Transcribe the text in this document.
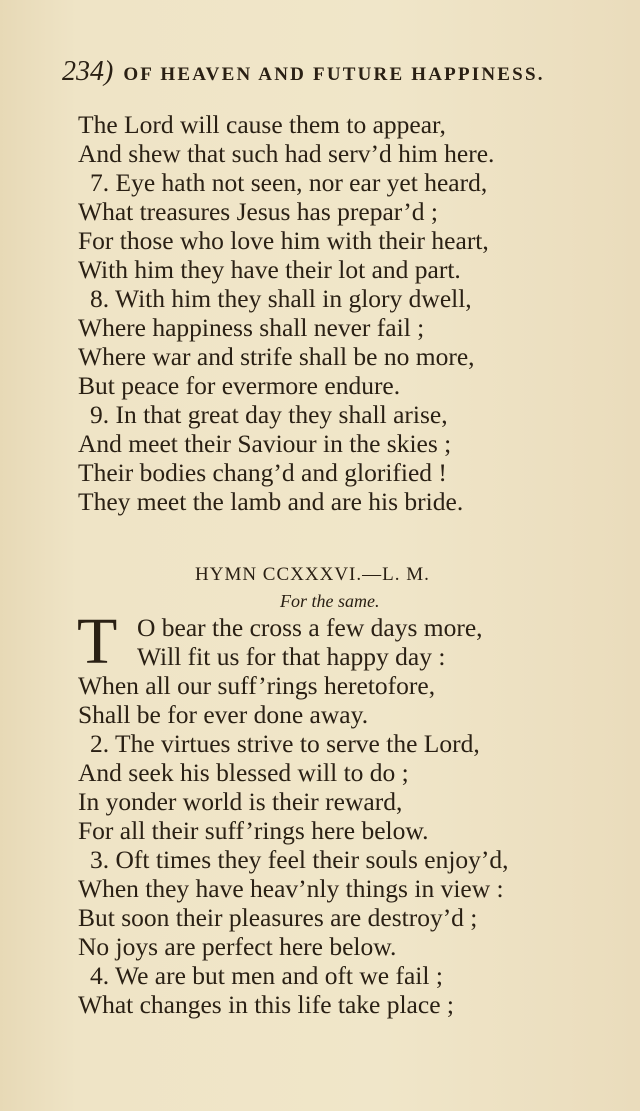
234) OF HEAVEN AND FUTURE HAPPINESS.
The Lord will cause them to appear,
And shew that such had serv’d him here.
7. Eye hath not seen, nor ear yet heard,
What treasures Jesus has prepar’d ;
For those who love him with their heart,
With him they have their lot and part.
8. With him they shall in glory dwell,
Where happiness shall never fail ;
Where war and strife shall be no more,
But peace for evermore endure.
9. In that great day they shall arise,
And meet their Saviour in the skies ;
Their bodies chang’d and glorified !
They meet the lamb and are his bride.
HYMN CCXXXVI.—L. M.
For the same.
T O bear the cross a few days more,
Will fit us for that happy day :
When all our suff’rings heretofore,
Shall be for ever done away.
2. The virtues strive to serve the Lord,
And seek his blessed will to do ;
In yonder world is their reward,
For all their suff’rings here below.
3. Oft times they feel their souls enjoy’d,
When they have heav’nly things in view :
But soon their pleasures are destroy’d ;
No joys are perfect here below.
4. We are but men and oft we fail ;
What changes in this life take place ;
